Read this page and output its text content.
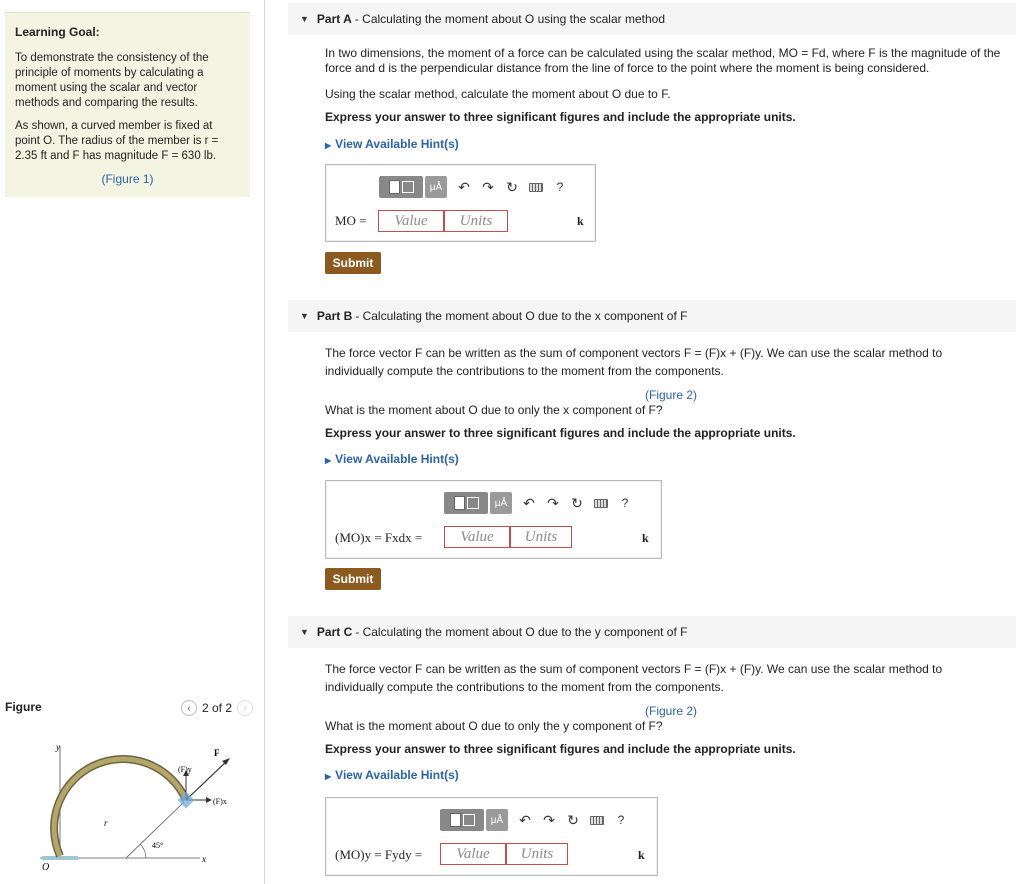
Learning Goal:

To demonstrate the consistency of the principle of moments by calculating a moment using the scalar and vector methods and comparing the results.

As shown, a curved member is fixed at point O. The radius of the member is r = 2.35 ft and F has magnitude F = 630 lb.

(Figure 1)
Figure	‹ 2 of 2	›
y
x
O
r
45°
F
(F)y
(F)x
▼ Part A - Calculating the moment about O using the scalar method

In two dimensions, the moment of a force can be calculated using the scalar method, MO = Fd, where F is the magnitude of the force and d is the perpendicular distance from the line of force to the point where the moment is being considered.

Using the scalar method, calculate the moment about O due to F.

Express your answer to three significant figures and include the appropriate units.

▶ View Available Hint(s)

μÅ	↶ ↷ ↻	?
MO =	Value	Units	k
Submit
▼ Part B - Calculating the moment about O due to the x component of F

The force vector F can be written as the sum of component vectors F = (F)x + (F)y. We can use the scalar method to individually compute the contributions to the moment from the components.

(Figure 2)

What is the moment about O due to only the x component of F?

Express your answer to three significant figures and include the appropriate units.

▶ View Available Hint(s)

μÅ	↶ ↷ ↻	?
(MO)x = Fxdx =	Value	Units	k
Submit
▼ Part C - Calculating the moment about O due to the y component of F

The force vector F can be written as the sum of component vectors F = (F)x + (F)y. We can use the scalar method to individually compute the contributions to the moment from the components.

(Figure 2)

What is the moment about O due to only the y component of F?

Express your answer to three significant figures and include the appropriate units.

▶ View Available Hint(s)

μÅ	↶ ↷ ↻	?
(MO)y = Fydy =	Value	Units	k
